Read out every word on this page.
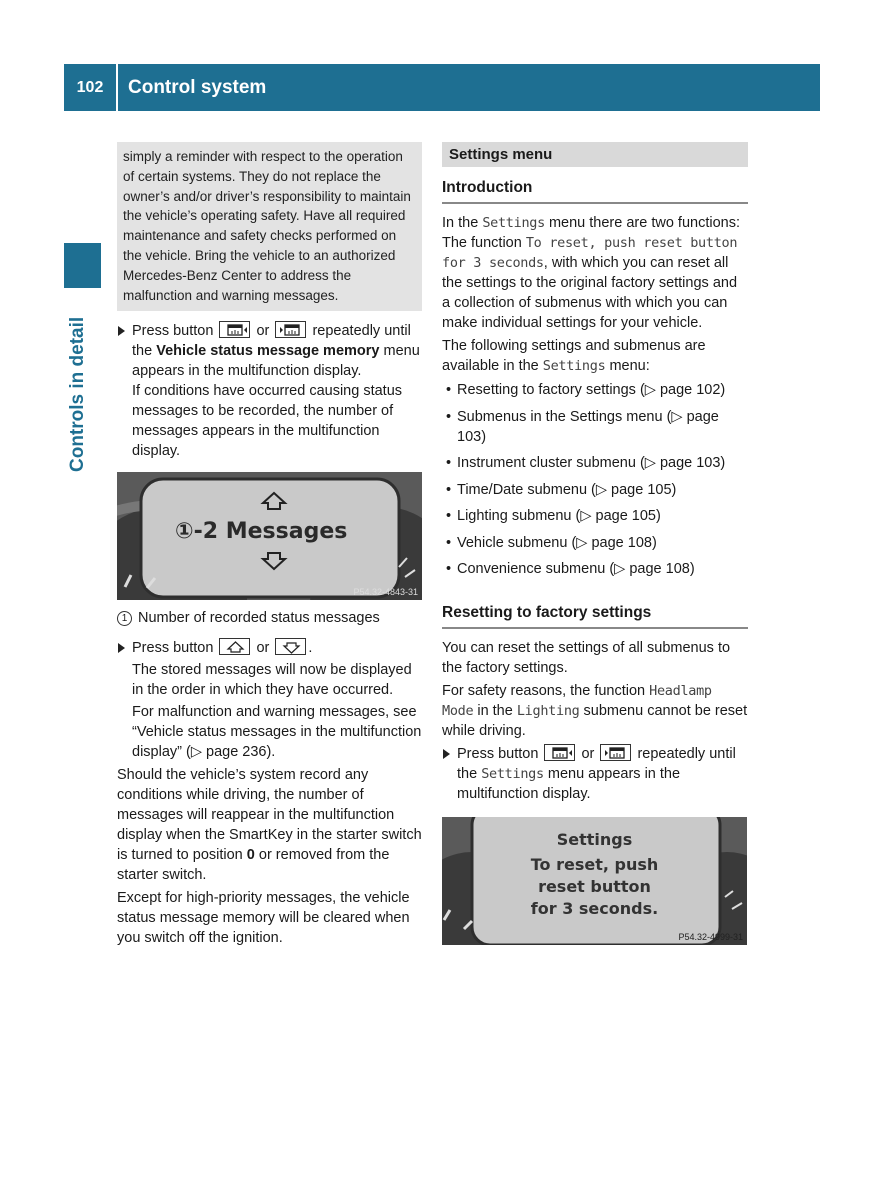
102	Control system
Controls in detail
simply a reminder with respect to the operation of certain systems. They do not replace the owner’s and/or driver’s responsibility to maintain the vehicle’s operating safety. Have all required maintenance and safety checks performed on the vehicle. Bring the vehicle to an authorized Mercedes-Benz Center to address the malfunction and warning messages.
Press button	or	repeatedly until the Vehicle status message memory menu appears in the multifunction display.
If conditions have occurred causing status messages to be recorded, the number of messages appears in the multifunction display.
①-2 Messages
P54.32-4843-31
1 Number of recorded status messages
Press button	or	.
The stored messages will now be displayed in the order in which they have occurred.
For malfunction and warning messages, see “Vehicle status messages in the multifunction display” (▷ page 236).

Should the vehicle’s system record any conditions while driving, the number of messages will reappear in the multifunction display when the SmartKey in the starter switch is turned to position 0 or removed from the starter switch.

Except for high-priority messages, the vehicle status message memory will be cleared when you switch off the ignition.

Settings menu
Introduction

In the Settings menu there are two functions: The function To reset, push reset button for 3 seconds, with which you can reset all the settings to the original factory settings and a collection of submenus with which you can make individual settings for your vehicle.

The following settings and submenus are available in the Settings menu:

• Resetting to factory settings (▷ page 102)
• Submenus in the Settings menu (▷ page 103)
• Instrument cluster submenu (▷ page 103)
• Time/Date submenu (▷ page 105)
• Lighting submenu (▷ page 105)
• Vehicle submenu (▷ page 108)
• Convenience submenu (▷ page 108)
Resetting to factory settings

You can reset the settings of all submenus to the factory settings.

For safety reasons, the function Headlamp Mode in the Lighting submenu cannot be reset while driving.

Press button	or	repeatedly until the Settings menu appears in the multifunction display.
Settings
To reset, push
reset button
for 3 seconds.
P54.32-4999-31
